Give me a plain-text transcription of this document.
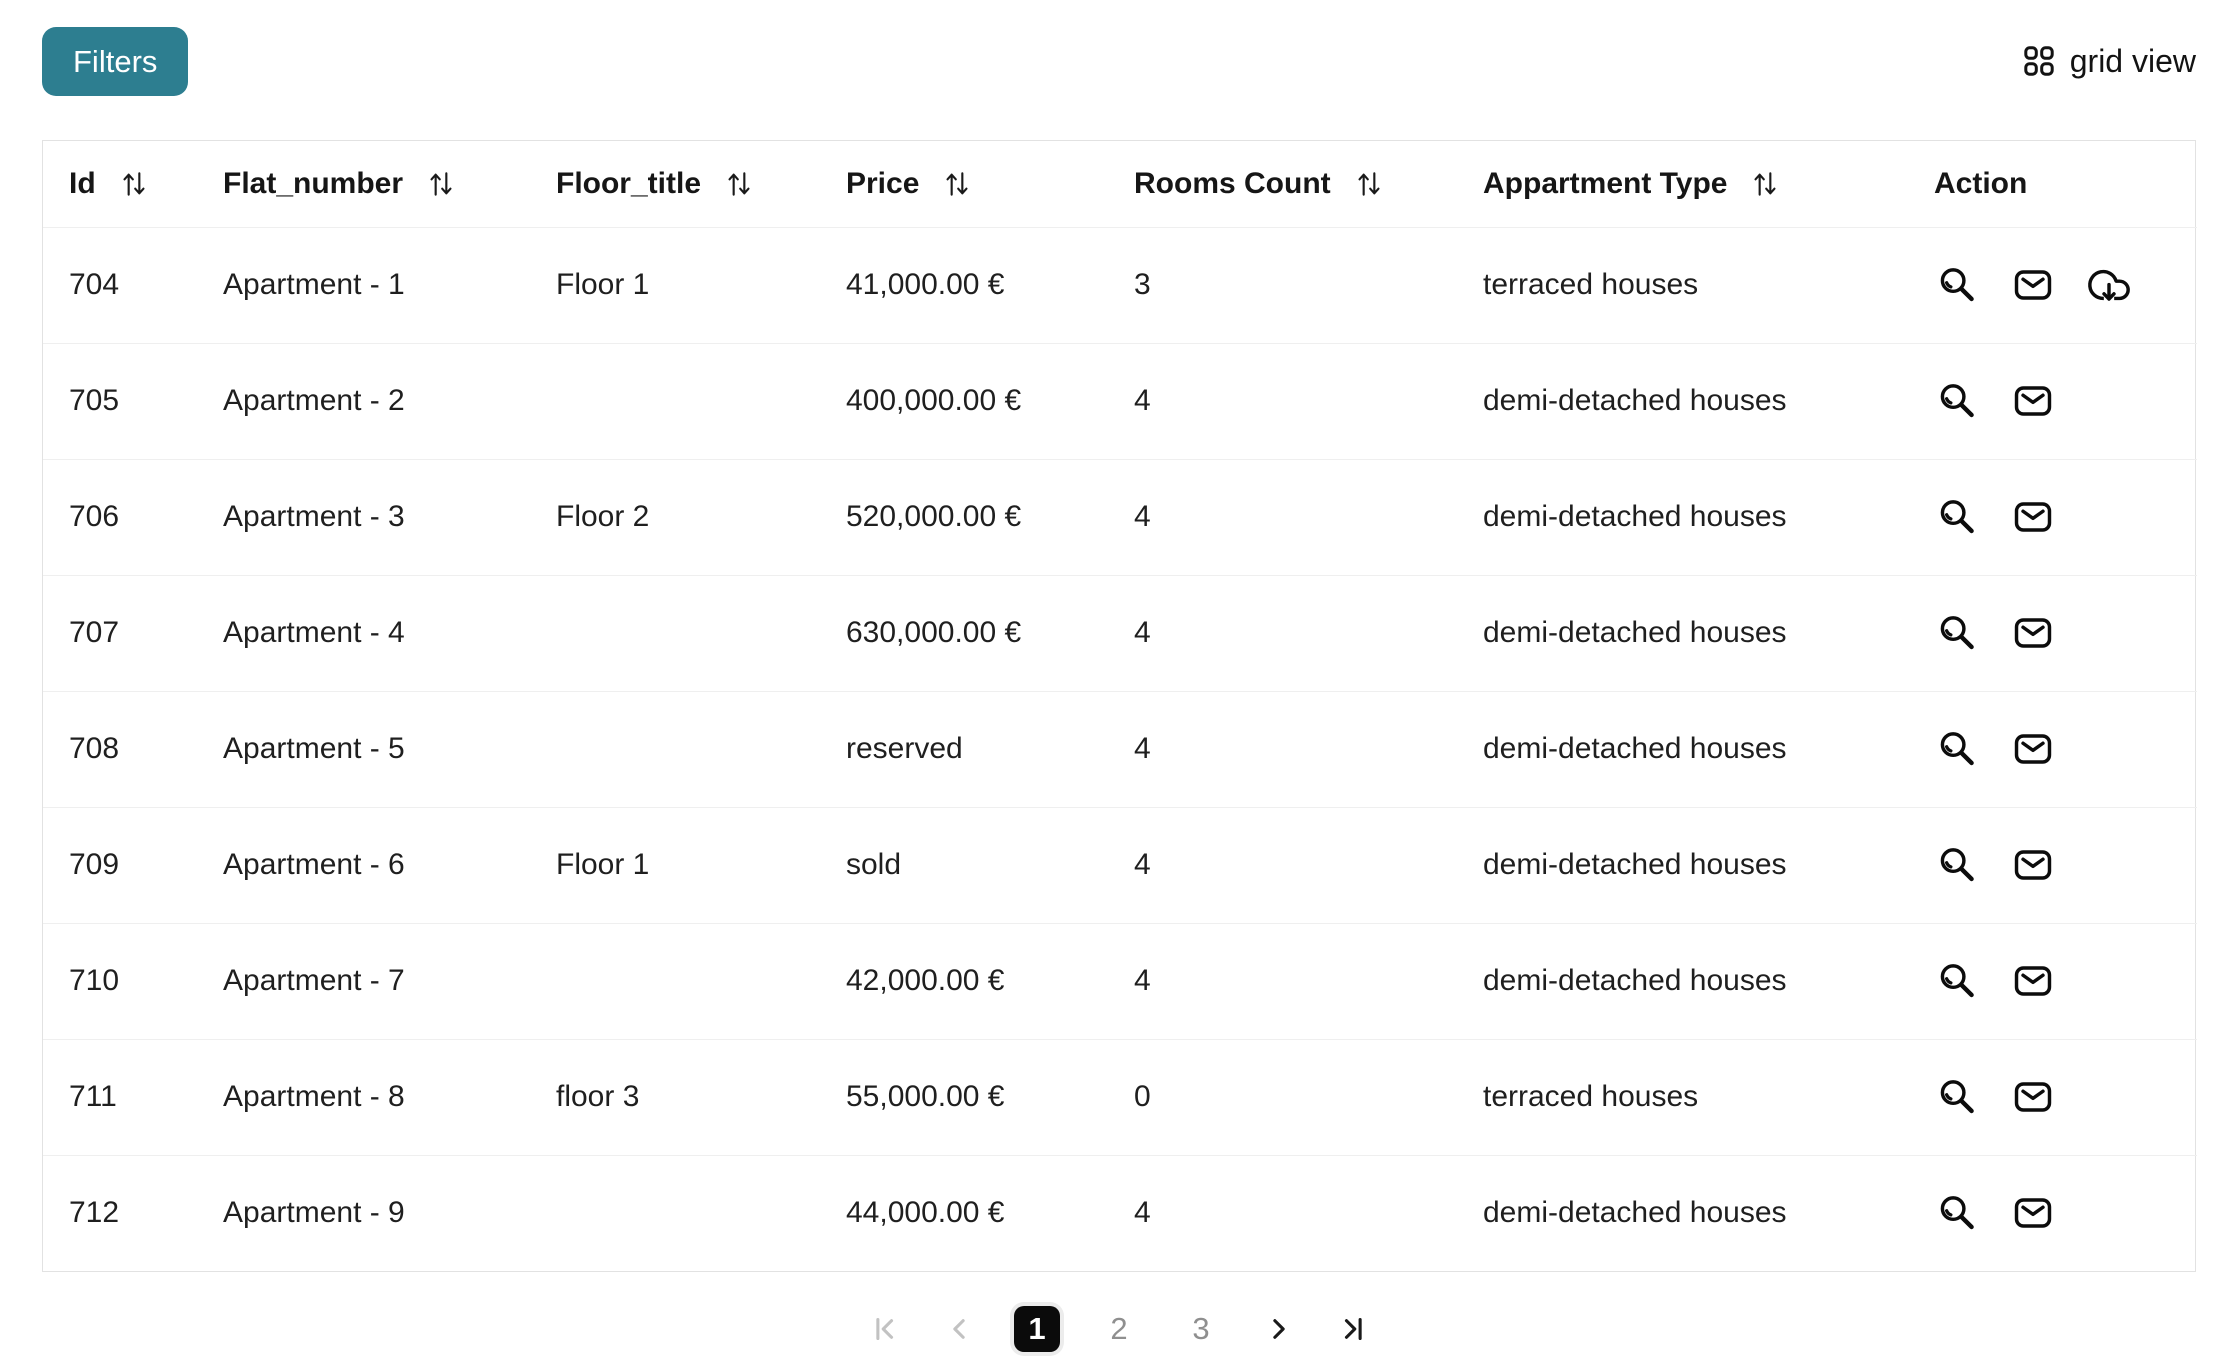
Filters	grid view
Id	Flat_number	Floor_title	Price	Rooms Count	Appartment Type	Action

704	Apartment - 1	Floor 1	41,000.00 €	3	terraced houses	

705	Apartment - 2		400,000.00 €	4	demi-detached houses	

706	Apartment - 3	Floor 2	520,000.00 €	4	demi-detached houses	

707	Apartment - 4		630,000.00 €	4	demi-detached houses	

708	Apartment - 5		reserved	4	demi-detached houses	

709	Apartment - 6	Floor 1	sold	4	demi-detached houses	

710	Apartment - 7		42,000.00 €	4	demi-detached houses	

711	Apartment - 8	floor 3	55,000.00 €	0	terraced houses	

712	Apartment - 9		44,000.00 €	4	demi-detached houses	
1	2	3
